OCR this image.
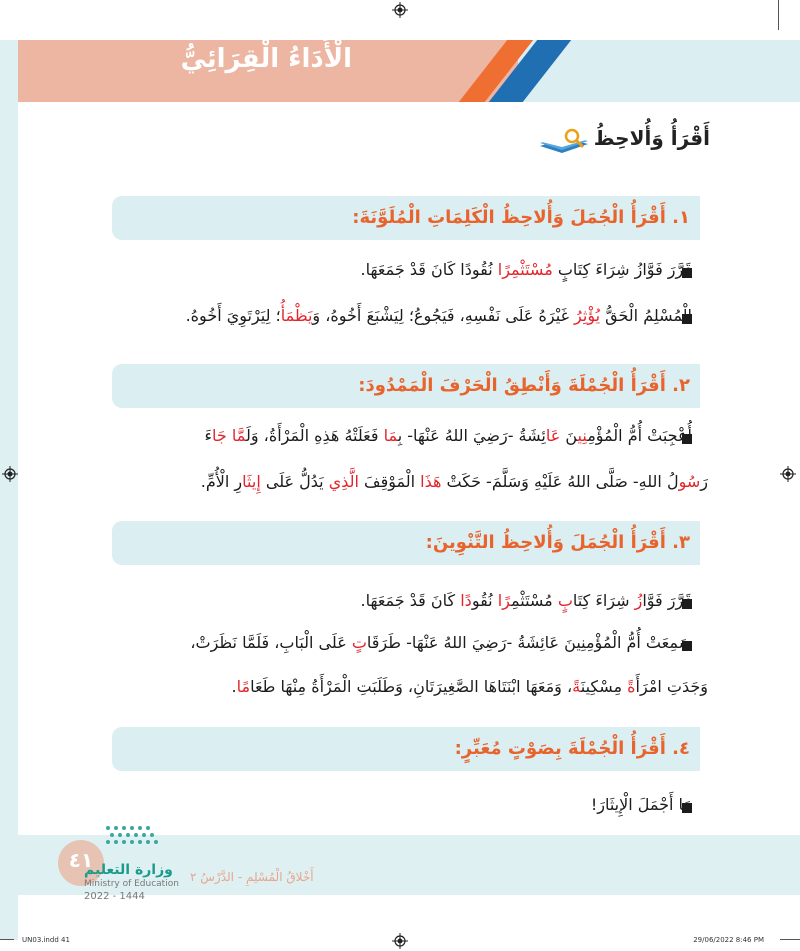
الْأَدَاءُ الْقِرَائِيُّ
أَقْرَأُ وَأُلاحِظُ
١. أَقْرَأُ الْجُمَلَ وَأُلاحِظُ الْكَلِمَاتِ الْمُلَوَّنَةَ:
٢. أَقْرَأُ الْجُمْلَةَ وَأَنْطِقُ الْحَرْفَ الْمَمْدُودَ:
٣. أَقْرَأُ الْجُمَلَ وَأُلاحِظُ التَّنْوِينَ:
٤. أَقْرَأُ الْجُمْلَةَ بِصَوْتٍ مُعَبِّرٍ:
قَرَّرَ فَوَّازُ شِرَاءَ كِتَابٍ مُسْتَثْمِرًا نُقُودًا كَانَ قَدْ جَمَعَهَا.
الْمُسْلِمُ الْحَقُّ يُؤْثِرُ غَيْرَهُ عَلَى نَفْسِهِ، فَيَجُوعُ؛ لِيَشْبَعَ أَخُوهُ، وَيَظْمَأُ؛ لِيَرْتَوِيَ أَخُوهُ.
أُعْجِبَتْ أُمُّ الْمُؤْمِنِينَ عَائِشَةُ -رَضِيَ اللهُ عَنْهَا- بِمَا فَعَلَتْهُ هَذِهِ الْمَرْأَةُ، وَلَمَّا جَاءَ
رَسُولُ اللهِ- صَلَّى اللهُ عَلَيْهِ وَسَلَّمَ- حَكَتْ هَذَا الْمَوْقِفَ الَّذِي يَدُلُّ عَلَى إِيثَارِ الْأُمِّ.
قَرَّرَ فَوَّازُ شِرَاءَ كِتَابٍ مُسْتَثْمِرًا نُقُودًا كَانَ قَدْ جَمَعَهَا.
سَمِعَتْ أُمُّ الْمُؤْمِنِينَ عَائِشَةُ -رَضِيَ اللهُ عَنْهَا- طَرَقَاتٍ عَلَى الْبَابِ، فَلَمَّا نَظَرَتْ،
وَجَدَتِ امْرَأَةً مِسْكِينَةً، وَمَعَهَا ابْنَتَاهَا الصَّغِيرَتَانِ، وَطَلَبَتِ الْمَرْأَةُ مِنْهَا طَعَامًا.
مَا أَجْمَلَ الْإِيثَارَ!
٤١
وزارة التعليم
Ministry of Education
2022 - 1444
أَخْلاقُ الْمُسْلِمِ - الدَّرْسُ ٢
UN03.indd 41	29/06/2022 8:46 PM
